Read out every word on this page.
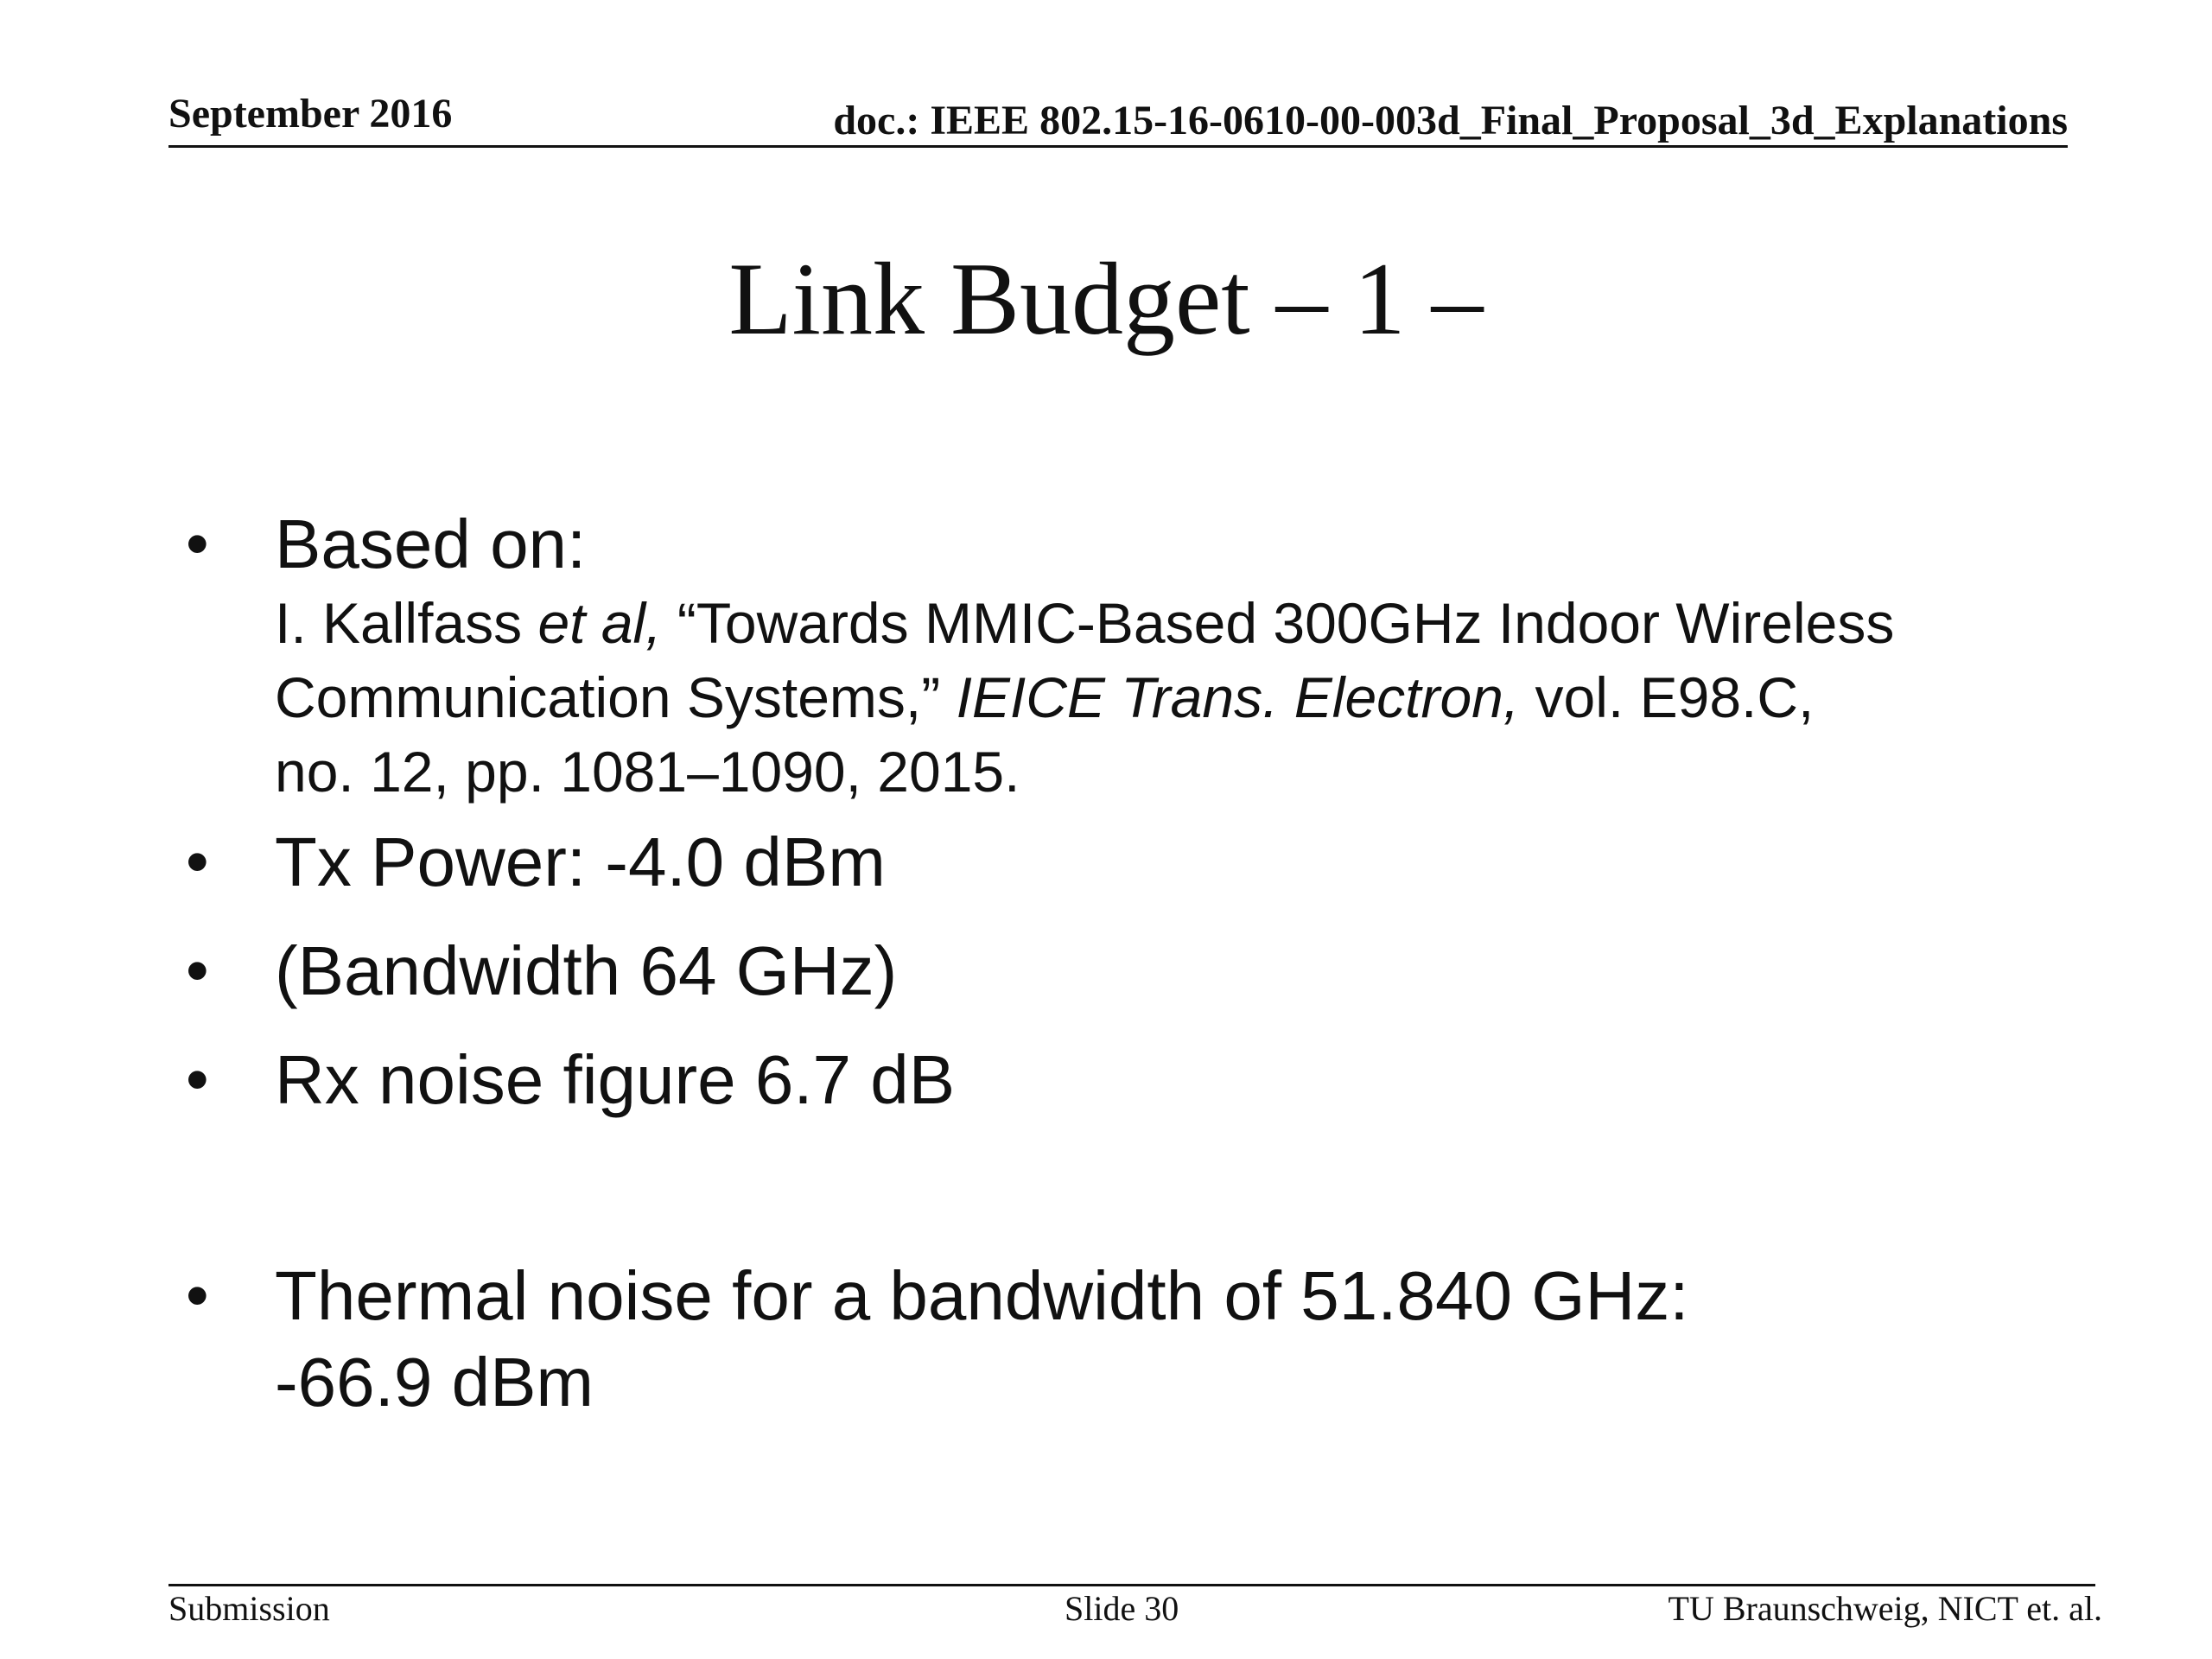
September 2016	doc.: IEEE 802.15-16-0610-00-003d_Final_Proposal_3d_Explanations
Link Budget – 1 –
• Based on:
I. Kallfass et al, “Towards MMIC-Based 300GHz Indoor Wireless
Communication Systems,” IEICE Trans. Electron, vol. E98.C,
no. 12, pp. 1081–1090, 2015.
• Tx Power: -4.0 dBm
• (Bandwidth 64 GHz)
• Rx noise figure 6.7 dB
• Thermal noise for a bandwidth of 51.840 GHz:
-66.9 dBm
Submission	Slide 30	TU Braunschweig, NICT et. al.
